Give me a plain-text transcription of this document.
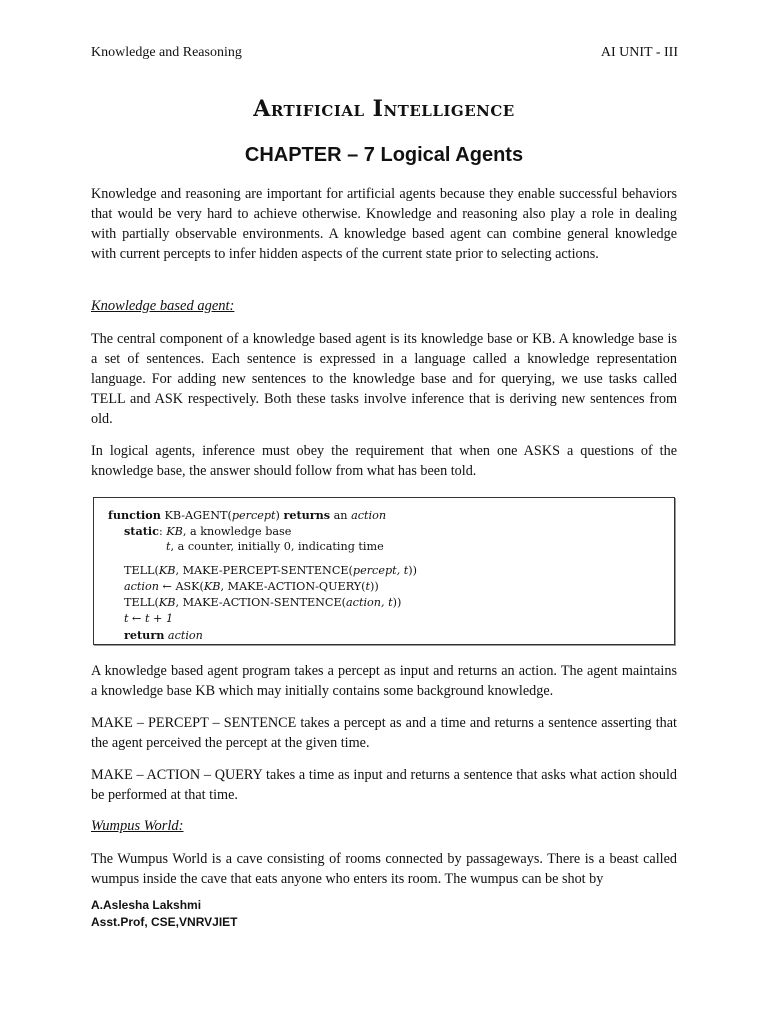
Knowledge and Reasoning	AI UNIT - III
Artificial Intelligence
CHAPTER – 7 Logical Agents

Knowledge and reasoning are important for artificial agents because they enable successful behaviors that would be very hard to achieve otherwise. Knowledge and reasoning also play a role in dealing with partially observable environments. A knowledge based agent can combine general knowledge with current percepts to infer hidden aspects of the current state prior to selecting actions.

Knowledge based agent:

The central component of a knowledge based agent is its knowledge base or KB. A knowledge base is a set of sentences. Each sentence is expressed in a language called a knowledge representation language. For adding new sentences to the knowledge base and for querying, we use tasks called TELL and ASK respectively. Both these tasks involve inference that is deriving new sentences from old.

In logical agents, inference must obey the requirement that when one ASKS a questions of the knowledge base, the answer should follow from what has been told.

function KB-AGENT(percept) returns an action
static: KB, a knowledge base
t, a counter, initially 0, indicating time
TELL(KB, MAKE-PERCEPT-SENTENCE(percept, t))
action ← ASK(KB, MAKE-ACTION-QUERY(t))
TELL(KB, MAKE-ACTION-SENTENCE(action, t))
t ← t + 1
return action

A knowledge based agent program takes a percept as input and returns an action. The agent maintains a knowledge base KB which may initially contains some background knowledge.

MAKE – PERCEPT – SENTENCE takes a percept as and a time and returns a sentence asserting that the agent perceived the percept at the given time.

MAKE – ACTION – QUERY takes a time as input and returns a sentence that asks what action should be performed at that time.

Wumpus World:

The Wumpus World is a cave consisting of rooms connected by passageways. There is a beast called wumpus inside the cave that eats anyone who enters its room. The wumpus can be shot by

A.Aslesha Lakshmi
Asst.Prof, CSE,VNRVJIET
